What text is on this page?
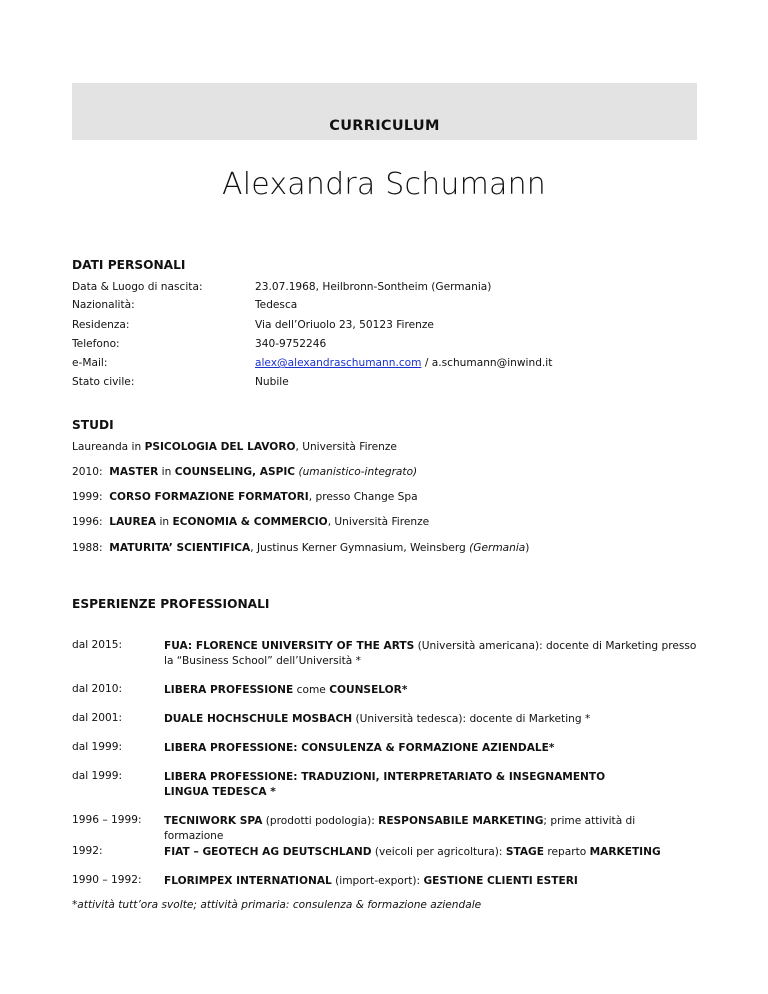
CURRICULUM
Alexandra Schumann
DATI PERSONALI
Data & Luogo di nascita:	23.07.1968, Heilbronn-Sontheim (Germania)
Nazionalità:	Tedesca
Residenza:	Via dell’Oriuolo 23, 50123 Firenze
Telefono:	340-9752246
e-Mail:	alex@alexandraschumann.com / a.schumann@inwind.it
Stato civile:	Nubile
STUDI
Laureanda in PSICOLOGIA DEL LAVORO, Università Firenze
2010: MASTER in COUNSELING, ASPIC (umanistico-integrato)
1999: CORSO FORMAZIONE FORMATORI, presso Change Spa
1996: LAUREA in ECONOMIA & COMMERCIO, Università Firenze
1988: MATURITA’ SCIENTIFICA, Justinus Kerner Gymnasium, Weinsberg (Germania)
ESPERIENZE PROFESSIONALI
dal 2015:	FUA: FLORENCE UNIVERSITY OF THE ARTS (Università americana): docente di Marketing presso la “Business School” dell’Università *
dal 2010:	LIBERA PROFESSIONE come COUNSELOR*
dal 2001:	DUALE HOCHSCHULE MOSBACH (Università tedesca): docente di Marketing *
dal 1999:	LIBERA PROFESSIONE: CONSULENZA & FORMAZIONE AZIENDALE*
dal 1999:	LIBERA PROFESSIONE: TRADUZIONI, INTERPRETARIATO & INSEGNAMENTO LINGUA TEDESCA *
1996 – 1999: TECNIWORK SPA (prodotti podologia): RESPONSABILE MARKETING; prime attività di formazione
1992:	FIAT – GEOTECH AG DEUTSCHLAND (veicoli per agricoltura): STAGE reparto MARKETING
1990 – 1992: FLORIMPEX INTERNATIONAL (import-export): GESTIONE CLIENTI ESTERI
*attività tutt’ora svolte; attività primaria: consulenza & formazione aziendale
